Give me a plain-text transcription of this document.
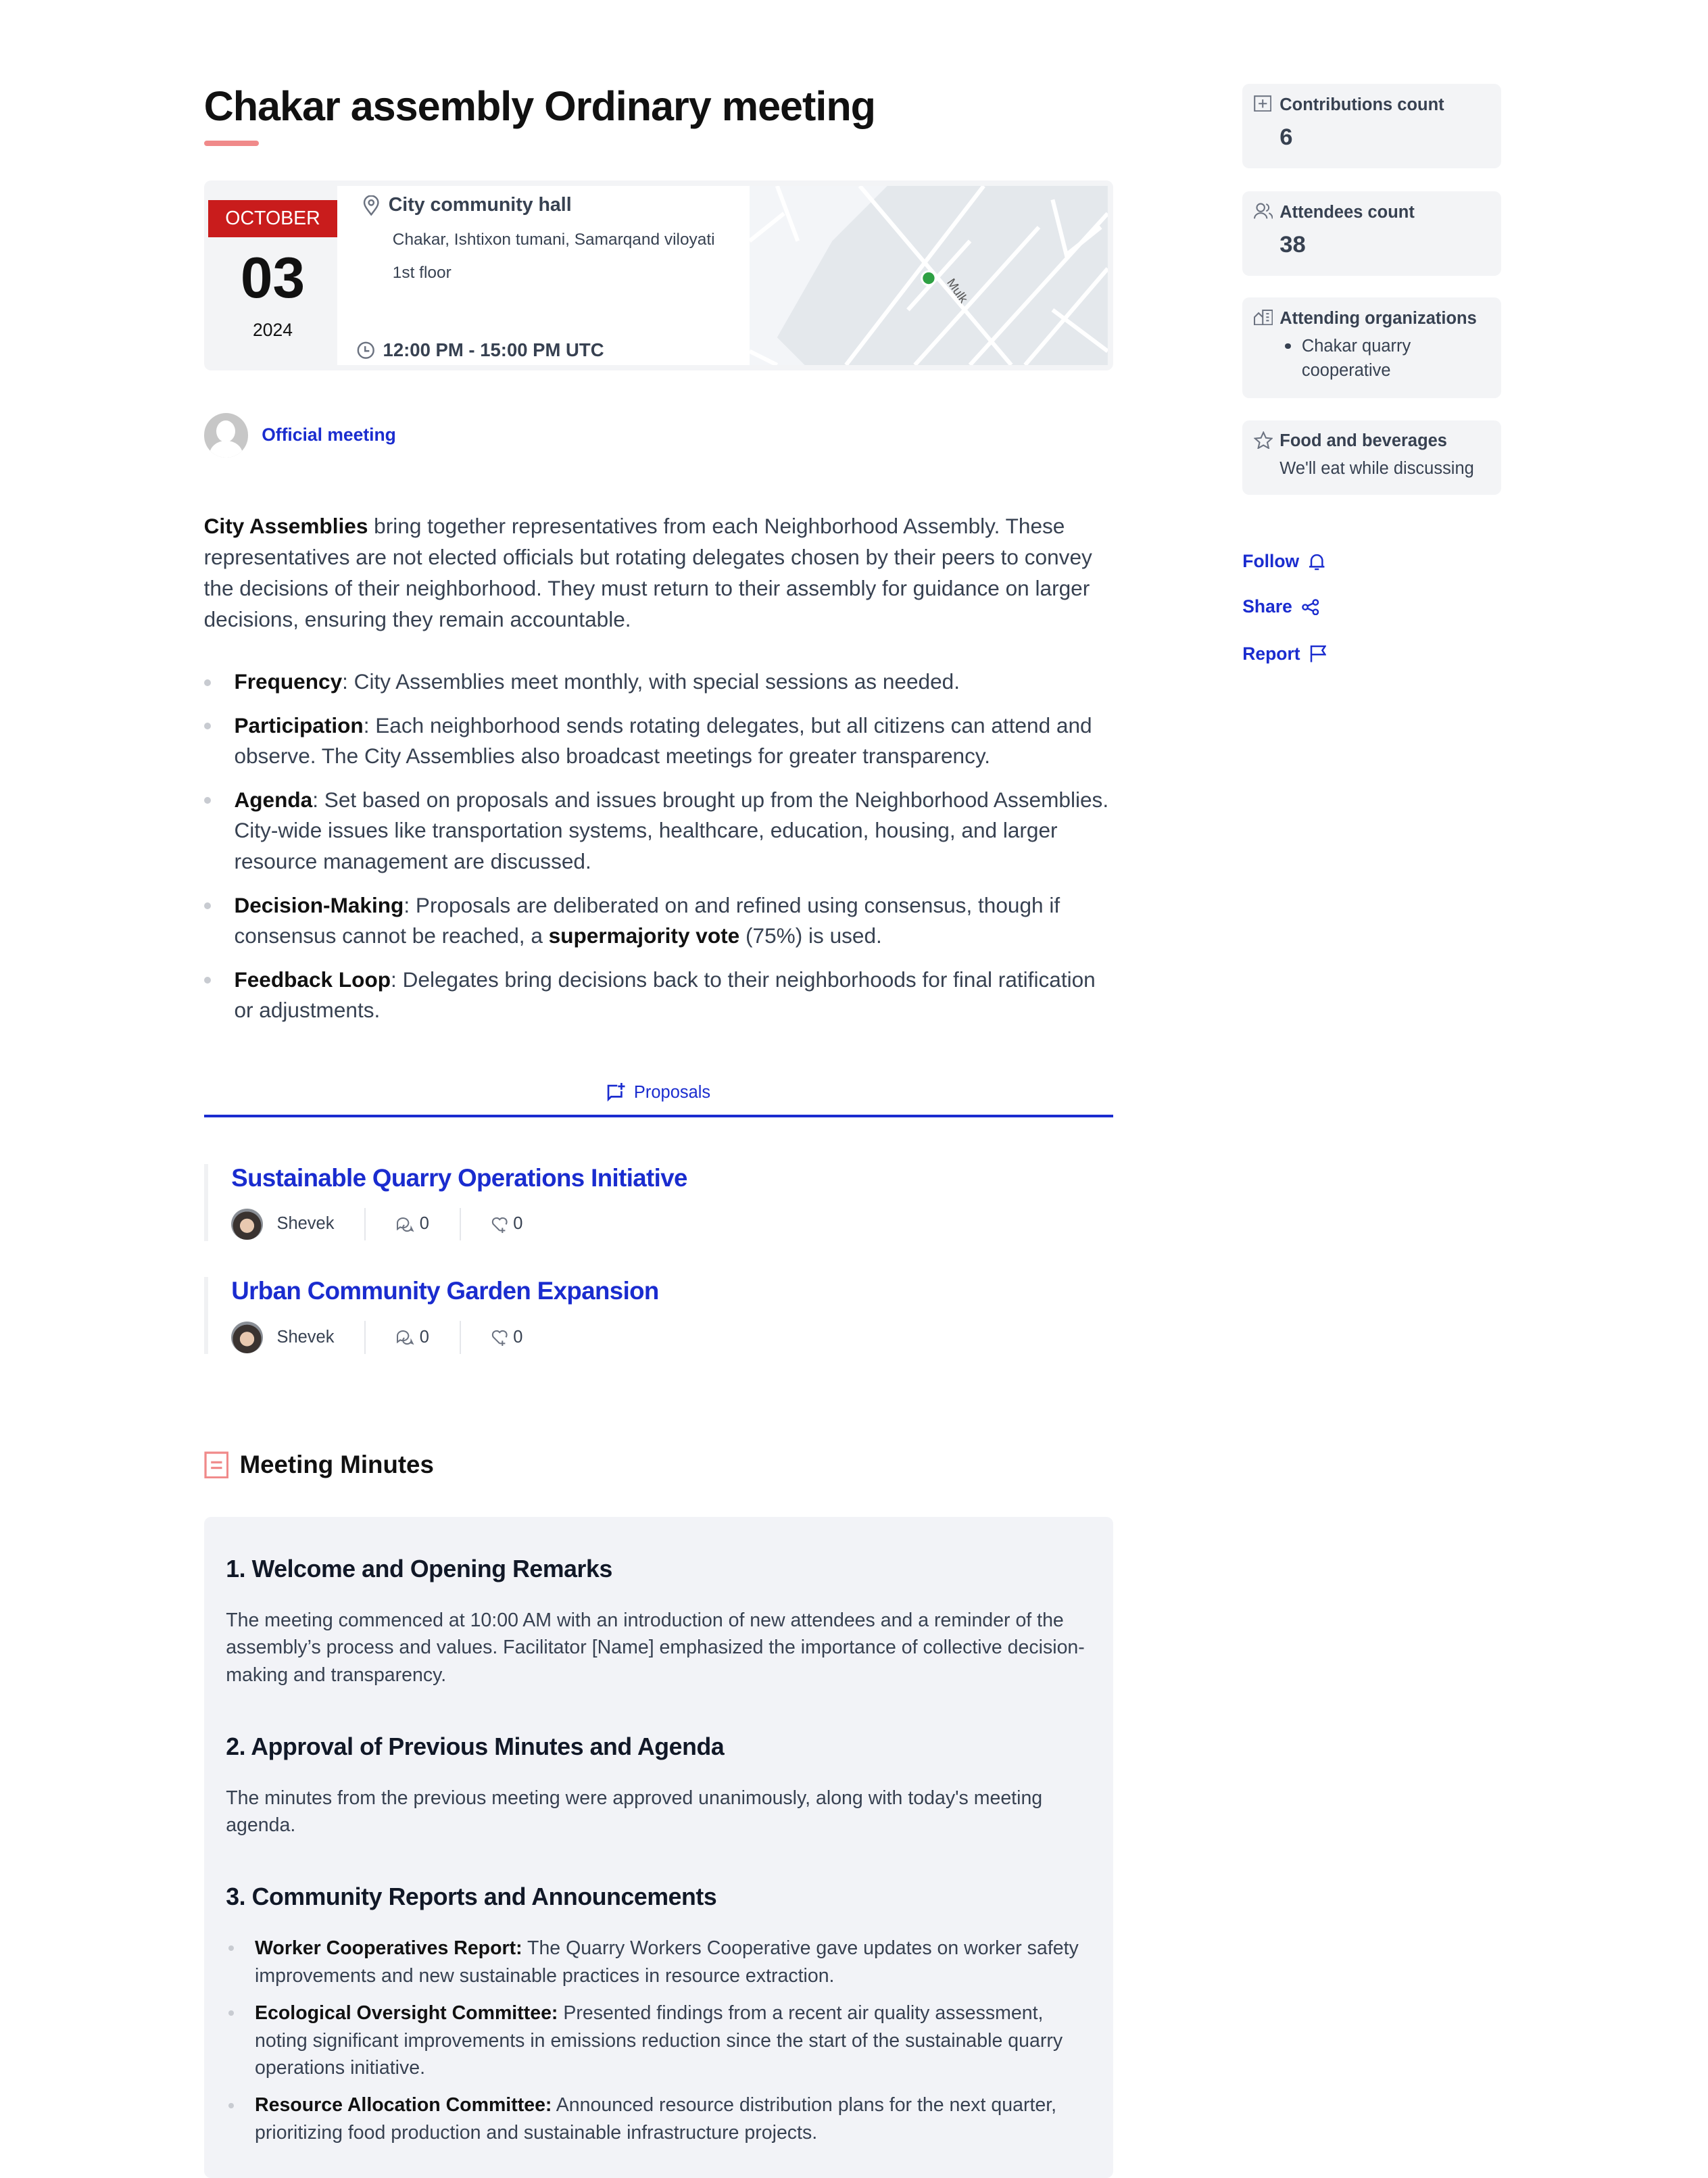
Chakar assembly Ordinary meeting
OCTOBER
03
2024
City community hall
Chakar, Ishtixon tumani, Samarqand viloyati
1st floor
12:00 PM - 15:00 PM UTC
Mulk
Official meeting

City Assemblies bring together representatives from each Neighborhood Assembly. These representatives are not elected officials but rotating delegates chosen by their peers to convey the decisions of their neighborhood. They must return to their assembly for guidance on larger decisions, ensuring they remain accountable.

Frequency: City Assemblies meet monthly, with special sessions as needed.
Participation: Each neighborhood sends rotating delegates, but all citizens can attend and observe. The City Assemblies also broadcast meetings for greater transparency.
Agenda: Set based on proposals and issues brought up from the Neighborhood Assemblies. City-wide issues like transportation systems, healthcare, education, housing, and larger resource management are discussed.
Decision-Making: Proposals are deliberated on and refined using consensus, though if consensus cannot be reached, a supermajority vote (75%) is used.
Feedback Loop: Delegates bring decisions back to their neighborhoods for final ratification or adjustments.
Proposals
Sustainable Quarry Operations Initiative
Shevek	0	0
Urban Community Garden Expansion
Shevek	0	0
Meeting Minutes
1. Welcome and Opening Remarks

The meeting commenced at 10:00 AM with an introduction of new attendees and a reminder of the assembly’s process and values. Facilitator [Name] emphasized the importance of collective decision-making and transparency.

2. Approval of Previous Minutes and Agenda

The minutes from the previous meeting were approved unanimously, along with today's meeting agenda.

3. Community Reports and Announcements
Worker Cooperatives Report: The Quarry Workers Cooperative gave updates on worker safety improvements and new sustainable practices in resource extraction.
Ecological Oversight Committee: Presented findings from a recent air quality assessment, noting significant improvements in emissions reduction since the start of the sustainable quarry operations initiative.
Resource Allocation Committee: Announced resource distribution plans for the next quarter, prioritizing food production and sustainable infrastructure projects.
Contributions count
6
Attendees count
38
Attending organizations
Chakar quarry cooperative
Food and beverages
We'll eat while discussing
Follow
Share
Report
